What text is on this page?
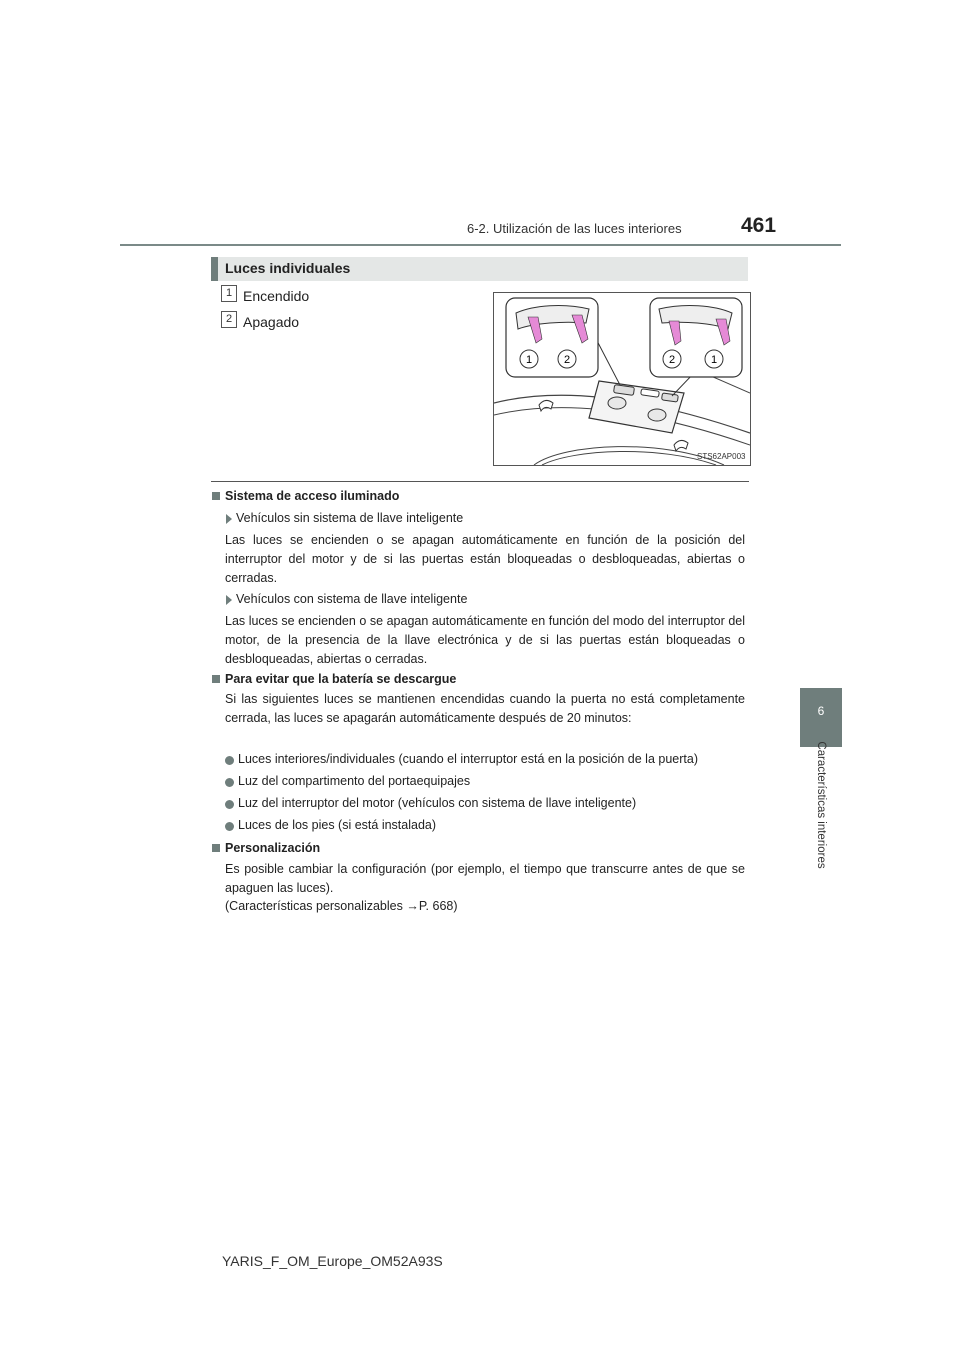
6-2. Utilización de las luces interiores	461
6
Características interiores
Luces individuales
1 Encendido
2 Apagado
1	2	2	1
STS62AP003
Sistema de acceso iluminado
Vehículos sin sistema de llave inteligente
Las luces se encienden o se apagan automáticamente en función de la posición del interruptor del motor y de si las puertas están bloqueadas o desbloqueadas, abiertas o cerradas.
Vehículos con sistema de llave inteligente
Las luces se encienden o se apagan automáticamente en función del modo del interruptor del motor, de la presencia de la llave electrónica y de si las puertas están bloqueadas o desbloqueadas, abiertas o cerradas.
Para evitar que la batería se descargue
Si las siguientes luces se mantienen encendidas cuando la puerta no está completamente cerrada, las luces se apagarán automáticamente después de 20 minutos:
Luces interiores/individuales (cuando el interruptor está en la posición de la puerta)
Luz del compartimento del portaequipajes
Luz del interruptor del motor (vehículos con sistema de llave inteligente)
Luces de los pies (si está instalada)
Personalización
Es posible cambiar la configuración (por ejemplo, el tiempo que transcurre antes de que se apaguen las luces).
(Características personalizables →P. 668)
YARIS_F_OM_Europe_OM52A93S
